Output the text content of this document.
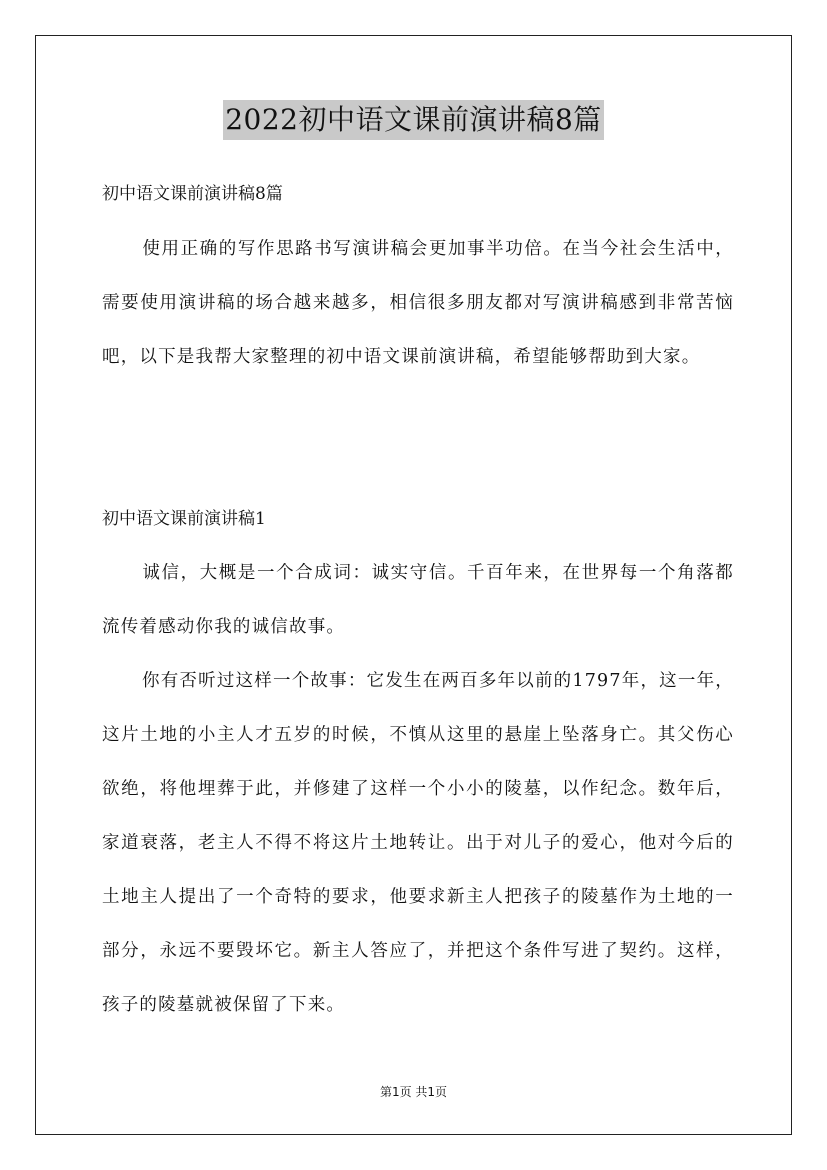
2022初中语文课前演讲稿8篇
初中语文课前演讲稿8篇
使用正确的写作思路书写演讲稿会更加事半功倍。在当今社会生活中，需要使用演讲稿的场合越来越多，相信很多朋友都对写演讲稿感到非常苦恼吧，以下是我帮大家整理的初中语文课前演讲稿，希望能够帮助到大家。
初中语文课前演讲稿1
诚信，大概是一个合成词：诚实守信。千百年来，在世界每一个角落都流传着感动你我的诚信故事。
你有否听过这样一个故事：它发生在两百多年以前的1797年，这一年，这片土地的小主人才五岁的时候，不慎从这里的悬崖上坠落身亡。其父伤心欲绝，将他埋葬于此，并修建了这样一个小小的陵墓，以作纪念。数年后，家道衰落，老主人不得不将这片土地转让。出于对儿子的爱心，他对今后的土地主人提出了一个奇特的要求，他要求新主人把孩子的陵墓作为土地的一部分，永远不要毁坏它。新主人答应了，并把这个条件写进了契约。这样，孩子的陵墓就被保留了下来。
第1页 共1页
